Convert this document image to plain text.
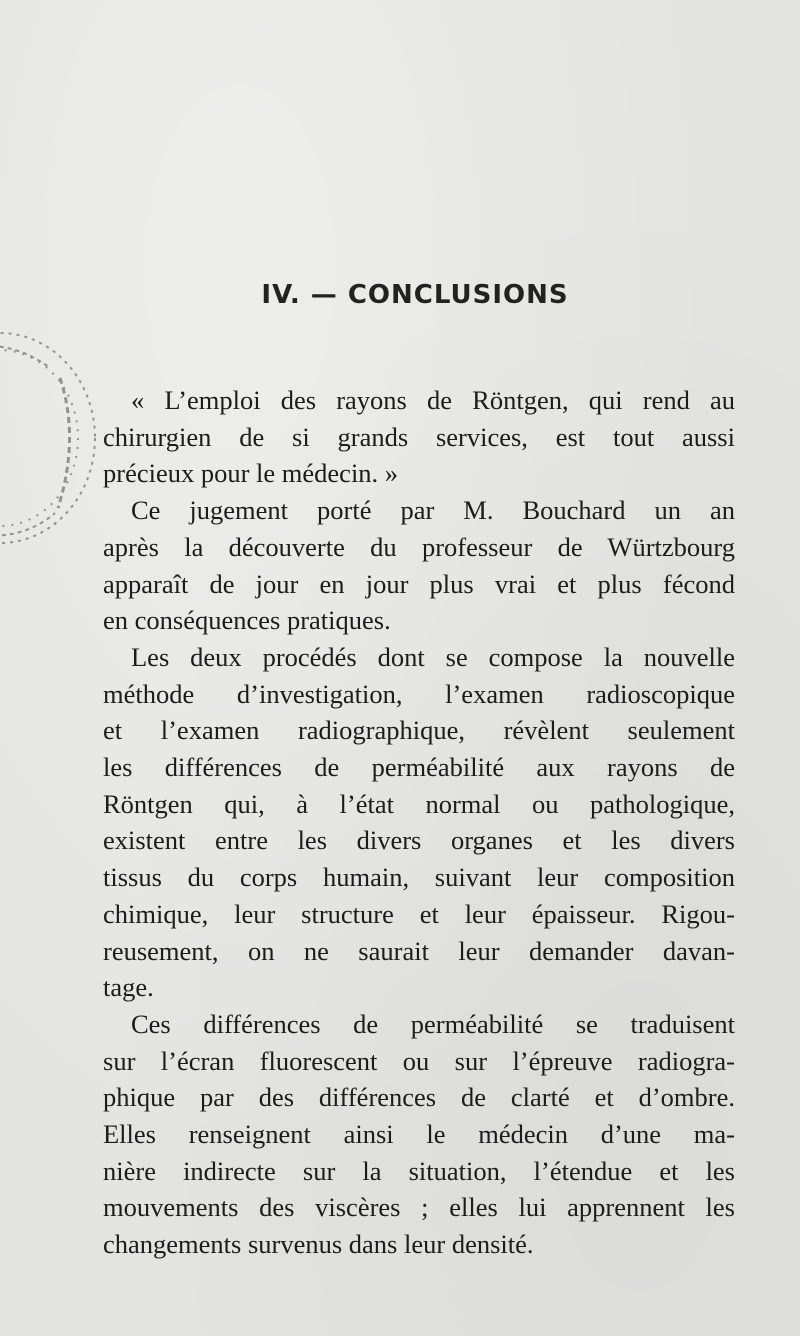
IV. — CONCLUSIONS
« L’emploi des rayons de Röntgen, qui rend au
chirurgien de si grands services, est tout aussi
précieux pour le médecin. »
Ce jugement porté par M. Bouchard un an
après la découverte du professeur de Würtzbourg
apparaît de jour en jour plus vrai et plus fécond
en conséquences pratiques.
Les deux procédés dont se compose la nouvelle
méthode d’investigation, l’examen radioscopique
et l’examen radiographique, révèlent seulement
les différences de perméabilité aux rayons de
Röntgen qui, à l’état normal ou pathologique,
existent entre les divers organes et les divers
tissus du corps humain, suivant leur composition
chimique, leur structure et leur épaisseur. Rigou-
reusement, on ne saurait leur demander davan-
tage.
Ces différences de perméabilité se traduisent
sur l’écran fluorescent ou sur l’épreuve radiogra-
phique par des différences de clarté et d’ombre.
Elles renseignent ainsi le médecin d’une ma-
nière indirecte sur la situation, l’étendue et les
mouvements des viscères ; elles lui apprennent les
changements survenus dans leur densité.
